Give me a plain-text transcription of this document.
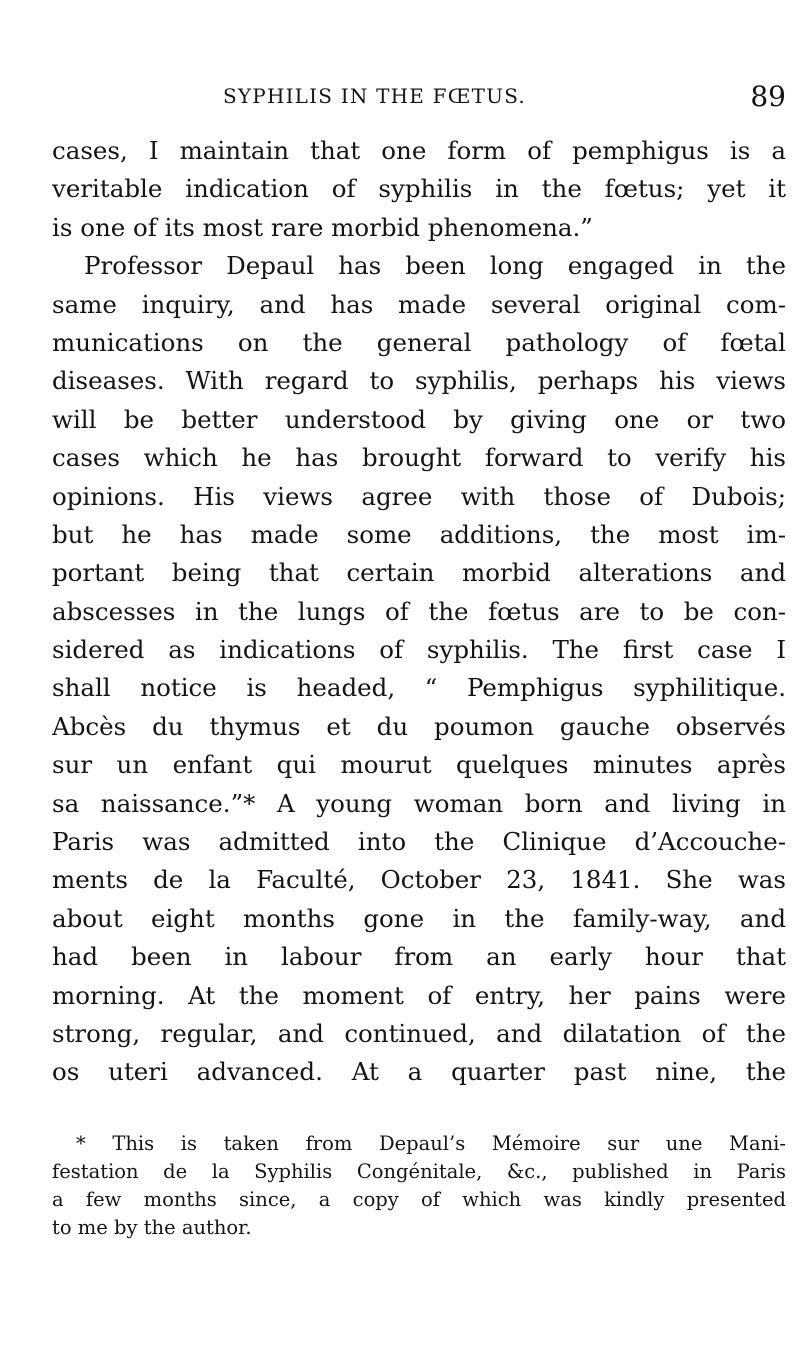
SYPHILIS IN THE FŒTUS.	89
cases, I maintain that one form of pemphigus is a
veritable indication of syphilis in the fœtus; yet it
is one of its most rare morbid phenomena.”
Professor Depaul has been long engaged in the
same inquiry, and has made several original com-
munications on the general pathology of fœtal
diseases. With regard to syphilis, perhaps his views
will be better understood by giving one or two
cases which he has brought forward to verify his
opinions. His views agree with those of Dubois;
but he has made some additions, the most im-
portant being that certain morbid alterations and
abscesses in the lungs of the fœtus are to be con-
sidered as indications of syphilis. The first case I
shall notice is headed, “ Pemphigus syphilitique.
Abcès du thymus et du poumon gauche observés
sur un enfant qui mourut quelques minutes après
sa naissance.”* A young woman born and living in
Paris was admitted into the Clinique d’Accouche-
ments de la Faculté, October 23, 1841. She was
about eight months gone in the family-way, and
had been in labour from an early hour that
morning. At the moment of entry, her pains were
strong, regular, and continued, and dilatation of the
os uteri advanced. At a quarter past nine, the
* This is taken from Depaul’s Mémoire sur une Mani-
festation de la Syphilis Congénitale, &c., published in Paris
a few months since, a copy of which was kindly presented
to me by the author.
